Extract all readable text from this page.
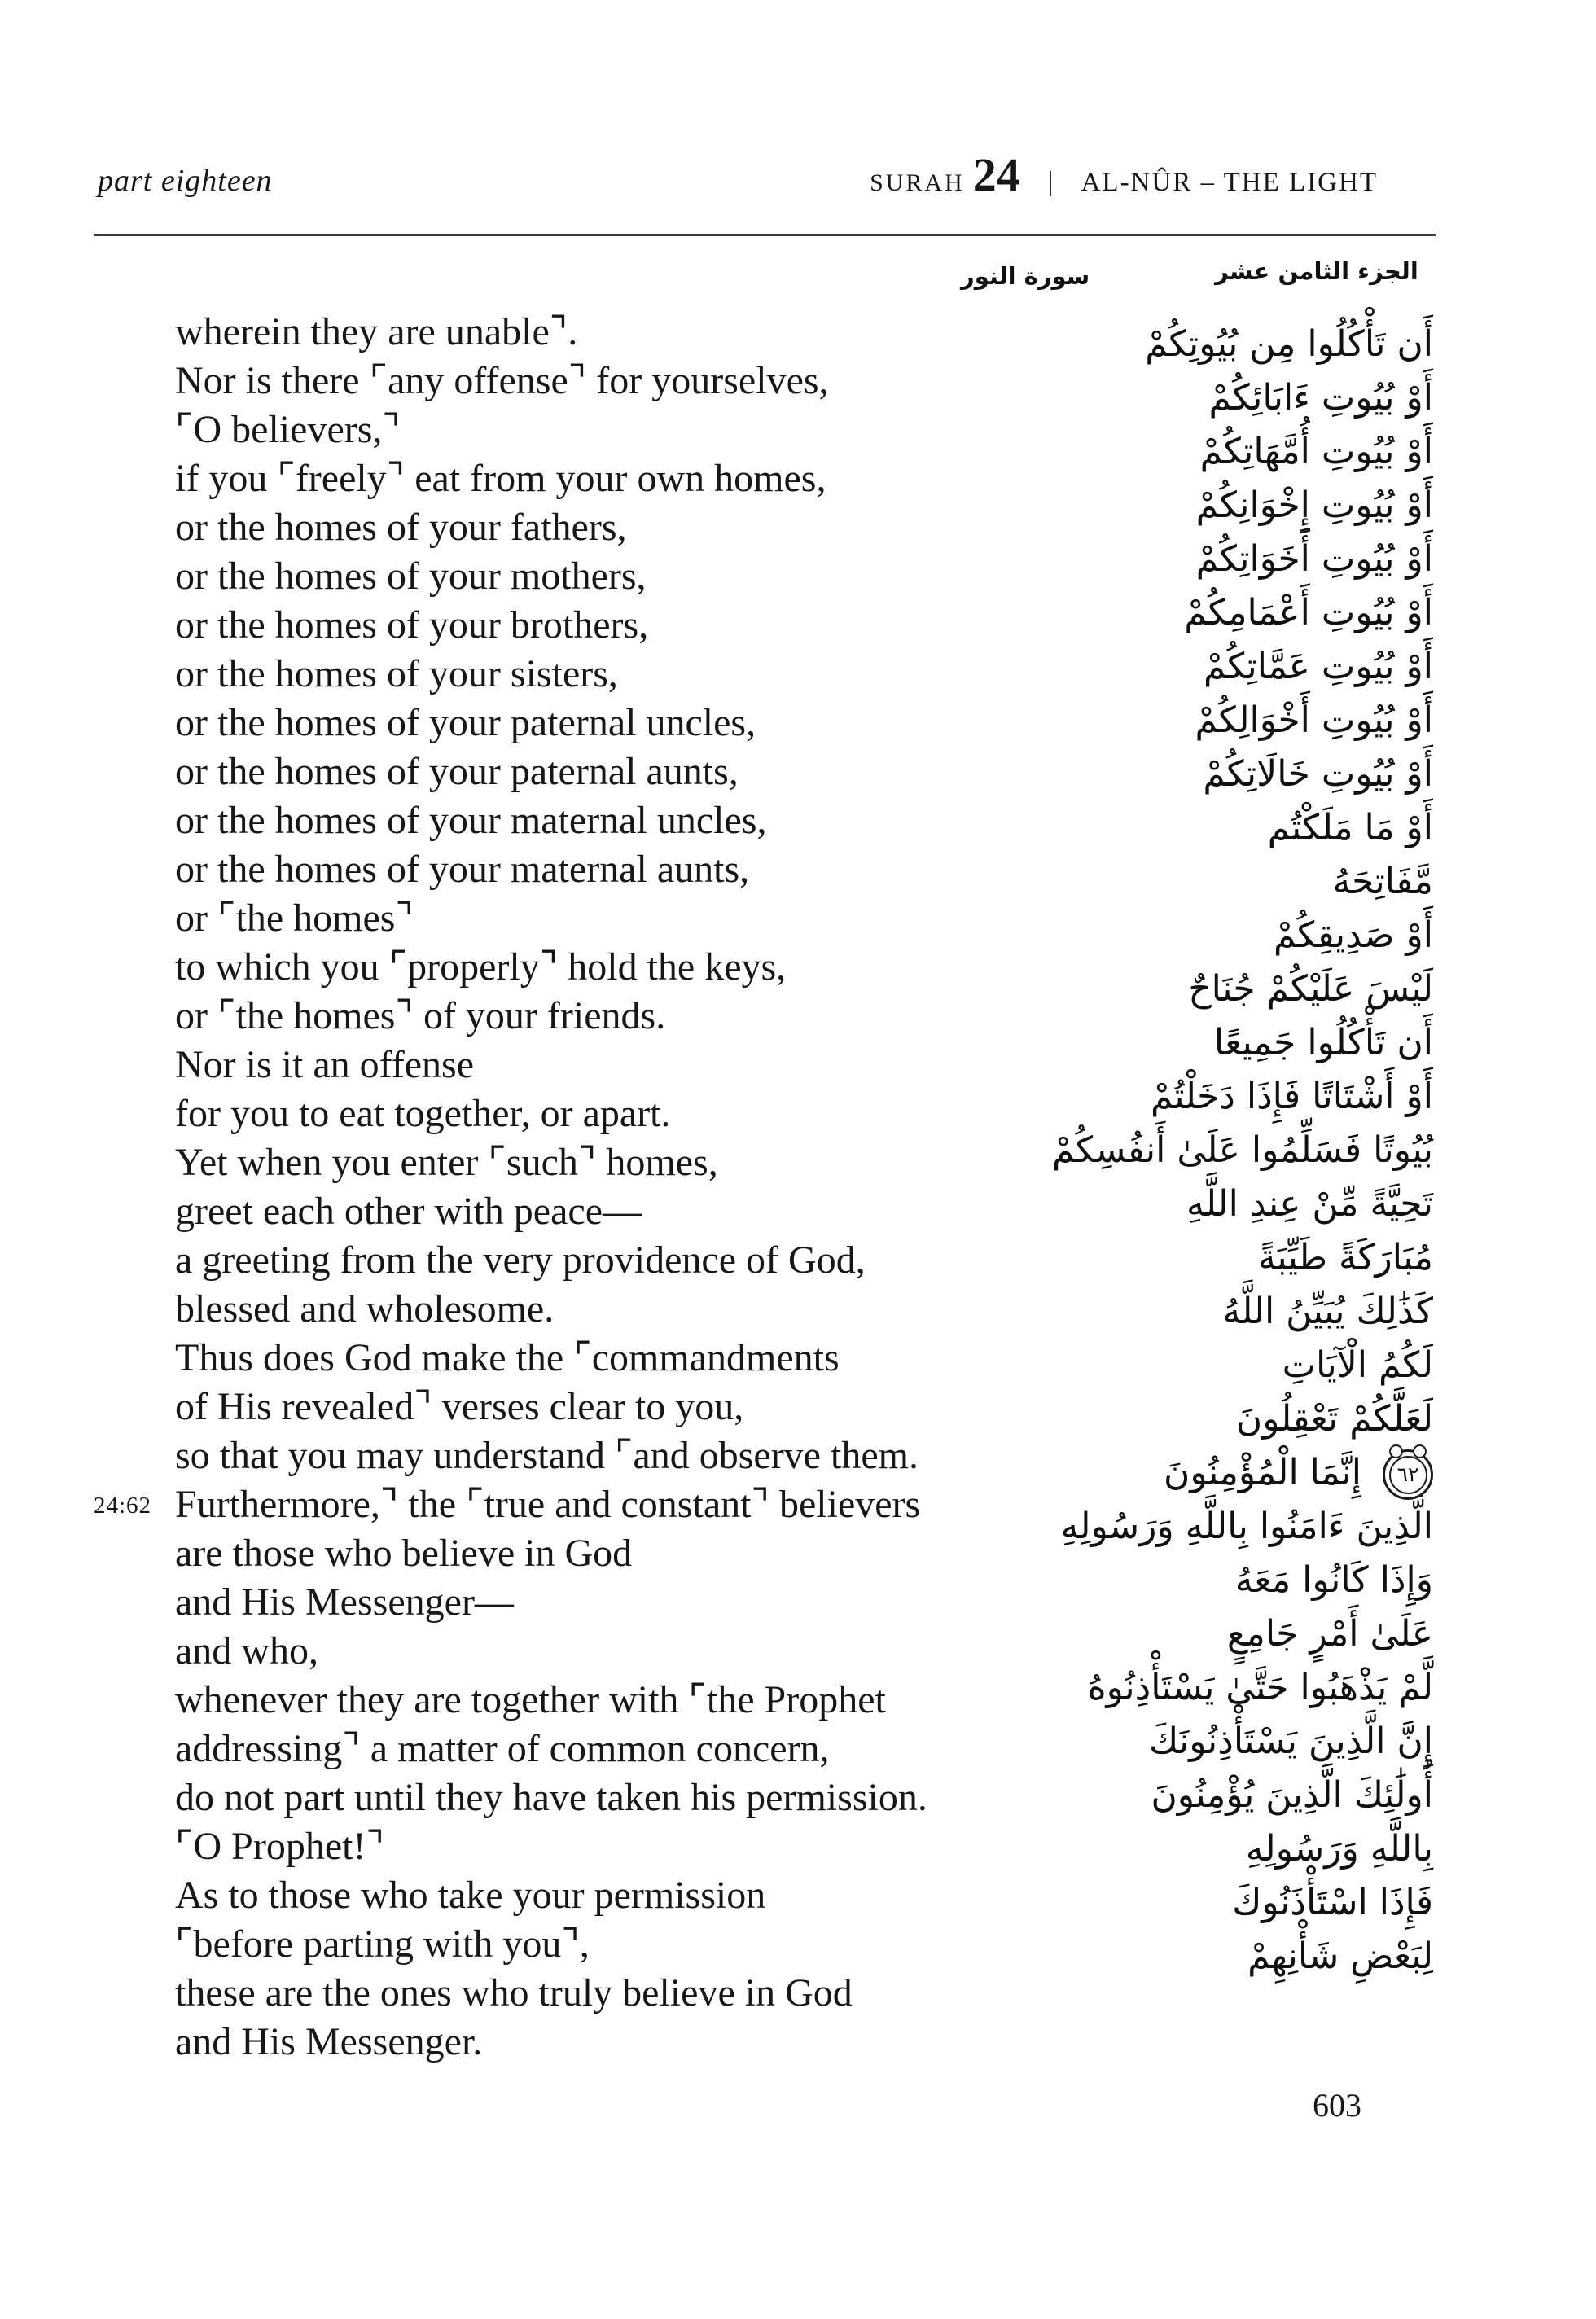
part eighteen	SURAH 24 | AL-NÛR – THE LIGHT
الجزء الثامن عشر
سورة النور
wherein they are unable⌝.
Nor is there ⌜any offense⌝ for yourselves,
⌜O believers,⌝
if you ⌜freely⌝ eat from your own homes,
or the homes of your fathers,
or the homes of your mothers,
or the homes of your brothers,
or the homes of your sisters,
or the homes of your paternal uncles,
or the homes of your paternal aunts,
or the homes of your maternal uncles,
or the homes of your maternal aunts,
or ⌜the homes⌝
to which you ⌜properly⌝ hold the keys,
or ⌜the homes⌝ of your friends.
Nor is it an offense
for you to eat together, or apart.
Yet when you enter ⌜such⌝ homes,
greet each other with peace—
a greeting from the very providence of God,
blessed and wholesome.
Thus does God make the ⌜commandments
of His revealed⌝ verses clear to you,
so that you may understand ⌜and observe them.
24:62 Furthermore,⌝ the ⌜true and constant⌝ believers
are those who believe in God
and His Messenger—
and who,
whenever they are together with ⌜the Prophet
addressing⌝ a matter of common concern,
do not part until they have taken his permission.
⌜O Prophet!⌝
As to those who take your permission
⌜before parting with you⌝,
these are the ones who truly believe in God
and His Messenger.
أَن تَأْكُلُوا مِن بُيُوتِكُمْ
أَوْ بُيُوتِ ءَابَائِكُمْ
أَوْ بُيُوتِ أُمَّهَاتِكُمْ
أَوْ بُيُوتِ إِخْوَانِكُمْ
أَوْ بُيُوتِ أَخَوَاتِكُمْ
أَوْ بُيُوتِ أَعْمَامِكُمْ
أَوْ بُيُوتِ عَمَّاتِكُمْ
أَوْ بُيُوتِ أَخْوَالِكُمْ
أَوْ بُيُوتِ خَالَاتِكُمْ
أَوْ مَا مَلَكْتُم
مَّفَاتِحَهُ
أَوْ صَدِيقِكُمْ
لَيْسَ عَلَيْكُمْ جُنَاحٌ
أَن تَأْكُلُوا جَمِيعًا
أَوْ أَشْتَاتًا فَإِذَا دَخَلْتُمْ
بُيُوتًا فَسَلِّمُوا عَلَىٰ أَنفُسِكُمْ
تَحِيَّةً مِّنْ عِندِ اللَّهِ
مُبَارَكَةً طَيِّبَةً
كَذَٰلِكَ يُبَيِّنُ اللَّهُ
لَكُمُ الْآيَاتِ
لَعَلَّكُمْ تَعْقِلُونَ
٦٢
إِنَّمَا الْمُؤْمِنُونَ
الَّذِينَ ءَامَنُوا بِاللَّهِ وَرَسُولِهِ
وَإِذَا كَانُوا مَعَهُ
عَلَىٰ أَمْرٍ جَامِعٍ
لَّمْ يَذْهَبُوا حَتَّىٰ يَسْتَأْذِنُوهُ
إِنَّ الَّذِينَ يَسْتَأْذِنُونَكَ
أُولَٰئِكَ الَّذِينَ يُؤْمِنُونَ
بِاللَّهِ وَرَسُولِهِ
فَإِذَا اسْتَأْذَنُوكَ
لِبَعْضِ شَأْنِهِمْ
603
